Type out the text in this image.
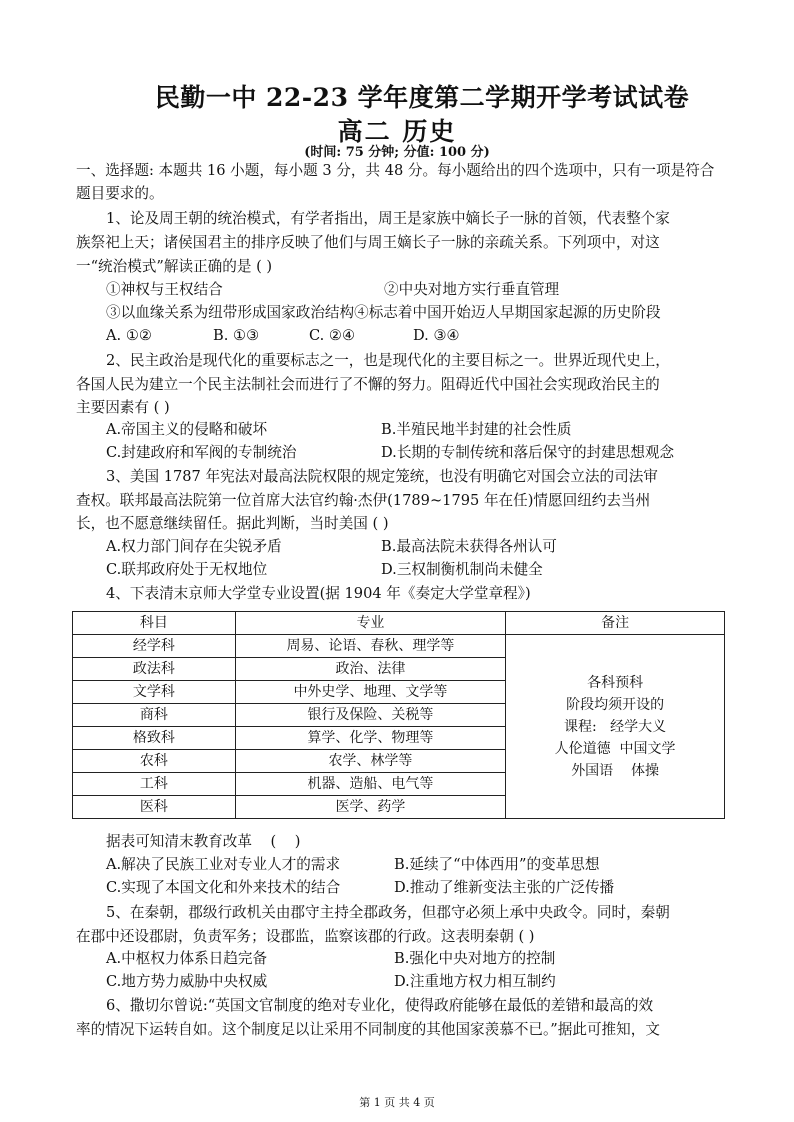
民勤一中 22-23 学年度第二学期开学考试试卷
高二 历史
(时间: 75 分钟; 分值: 100 分)
一、选择题: 本题共 16 小题，每小题 3 分，共 48 分。每小题给出的四个选项中，只有一项是符合
题目要求的。
1、论及周王朝的统治模式，有学者指出，周王是家族中嫡长子一脉的首领，代表整个家
族祭祀上天；诸侯国君主的排序反映了他们与周王嫡长子一脉的亲疏关系。下列项中，对这
一“统治模式”解读正确的是 ( )
①神权与王权结合	②中央对地方实行垂直管理
③以血缘关系为纽带形成国家政治结构④标志着中国开始迈人早期国家起源的历史阶段
A. ①②	B. ①③	C. ②④	D. ③④
2、民主政治是现代化的重要标志之一，也是现代化的主要目标之一。世界近现代史上，
各国人民为建立一个民主法制社会而进行了不懈的努力。阻碍近代中国社会实现政治民主的
主要因素有 ( )
A.帝国主义的侵略和破坏	B.半殖民地半封建的社会性质
C.封建政府和军阀的专制统治	D.长期的专制传统和落后保守的封建思想观念
3、美国 1787 年宪法对最高法院权限的规定笼统，也没有明确它对国会立法的司法审
查权。联邦最高法院第一位首席大法官约翰·杰伊(1789~1795 年在任)情愿回纽约去当州
长，也不愿意继续留任。据此判断，当时美国 ( )
A.权力部门间存在尖锐矛盾	B.最高法院未获得各州认可
C.联邦政府处于无权地位	D.三权制衡机制尚未健全
4、下表清末京师大学堂专业设置(据 1904 年《奏定大学堂章程》)
科目	专业	备注
经学科	周易、论语、春秋、理学等	各科预科
阶段均须开设的
课程:   经学大义
人伦道德  中国文学
外国语    体操

政法科	政治、法律	
文学科	中外史学、地理、文学等	
商科	银行及保险、关税等	
格致科	算学、化学、物理等	
农科	农学、林学等	
工科	机器、造船、电气等	
医科	医学、药学	
据表可知清末教育改革    (    )
A.解决了民族工业对专业人才的需求	B.延续了“中体西用”的变革思想
C.实现了本国文化和外来技术的结合	D.推动了维新变法主张的广泛传播
5、在秦朝，郡级行政机关由郡守主持全郡政务，但郡守必须上承中央政令。同时，秦朝
在郡中还设郡尉，负责军务；设郡监，监察该郡的行政。这表明秦朝 ( )
A.中枢权力体系日趋完备	B.强化中央对地方的控制
C.地方势力威胁中央权威	D.注重地方权力相互制约
6、撒切尔曾说:“英国文官制度的绝对专业化，使得政府能够在最低的差错和最高的效
率的情况下运转自如。这个制度足以让采用不同制度的其他国家羡慕不已。”据此可推知，文
第 1 页 共 4 页
